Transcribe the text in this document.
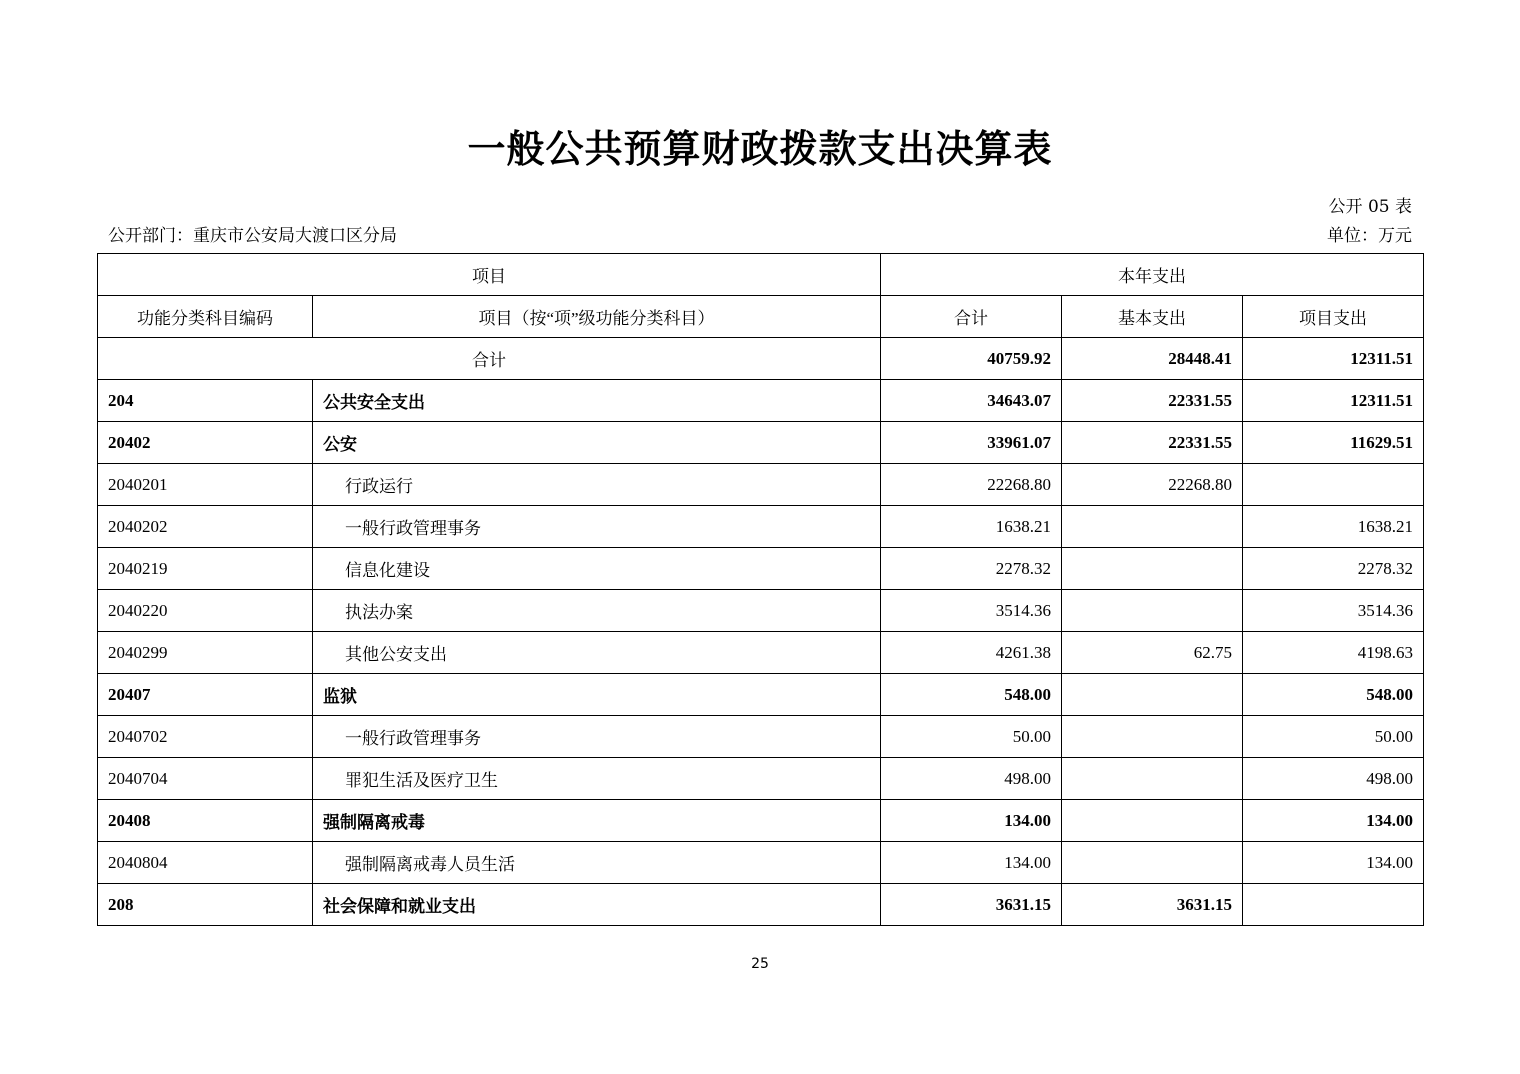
一般公共预算财政拨款支出决算表
公开 05 表
公开部门：重庆市公安局大渡口区分局	单位：万元
项目		本年支出		
功能分类科目编码	项目（按“项”级功能分类科目）	合计	基本支出	项目支出
合计		40759.92	28448.41	12311.51
204	公共安全支出	34643.07	22331.55	12311.51
20402	公安	33961.07	22331.55	11629.51
2040201	行政运行	22268.80	22268.80	
2040202	一般行政管理事务	1638.21		1638.21
2040219	信息化建设	2278.32		2278.32
2040220	执法办案	3514.36		3514.36
2040299	其他公安支出	4261.38	62.75	4198.63
20407	监狱	548.00		548.00
2040702	一般行政管理事务	50.00		50.00
2040704	罪犯生活及医疗卫生	498.00		498.00
20408	强制隔离戒毒	134.00		134.00
2040804	强制隔离戒毒人员生活	134.00		134.00
208	社会保障和就业支出	3631.15	3631.15	
25
